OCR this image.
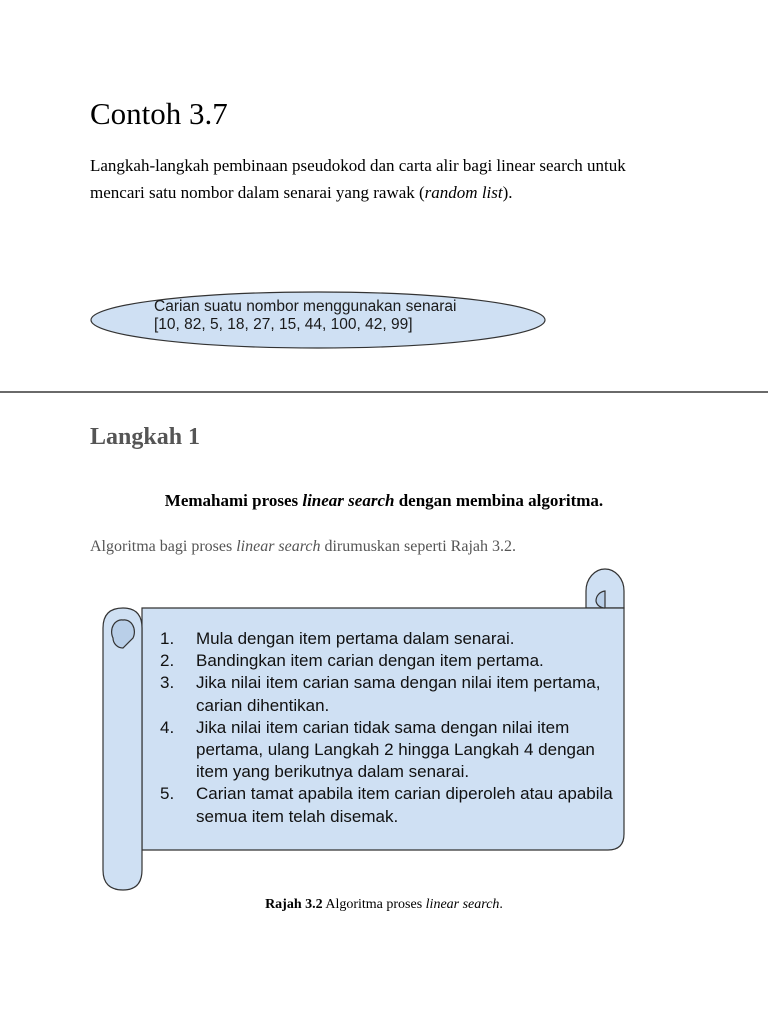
Contoh 3.7

Langkah-langkah pembinaan pseudokod dan carta alir bagi linear search untuk mencari satu nombor dalam senarai yang rawak (random list).

Carian suatu nombor menggunakan senarai
[10, 82, 5, 18, 27, 15, 44, 100, 42, 99]
Langkah 1

Memahami proses linear search dengan membina algoritma.

Algoritma bagi proses linear search dirumuskan seperti Rajah 3.2.

1.	Mula dengan item pertama dalam senarai.
2.	Bandingkan item carian dengan item pertama.
3.	Jika nilai item carian sama dengan nilai item pertama, carian dihentikan.
4.	Jika nilai item carian tidak sama dengan nilai item pertama, ulang Langkah 2 hingga Langkah 4 dengan item yang berikutnya dalam senarai.
5.	Carian tamat apabila item carian diperoleh atau apabila semua item telah disemak.

Rajah 3.2 Algoritma proses linear search.
